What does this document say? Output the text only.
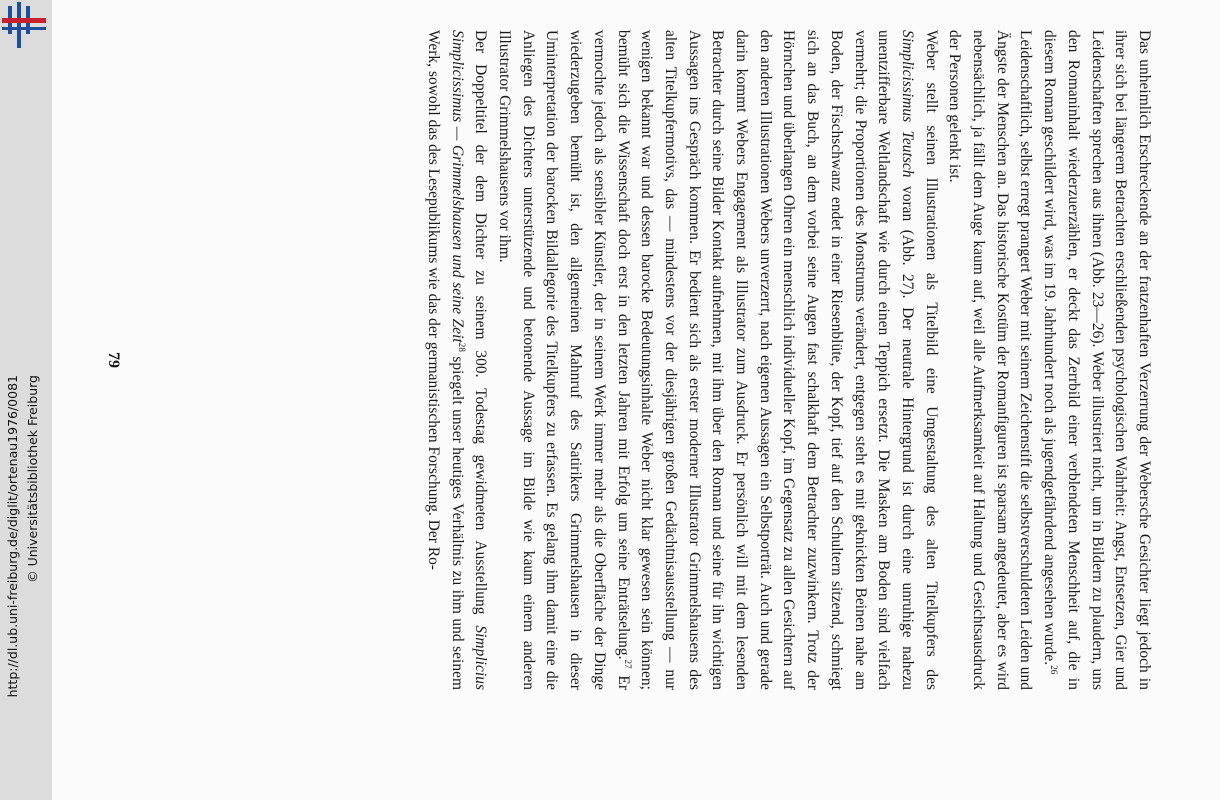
http://dl.ub.uni-freiburg.de/diglit/ortenau1976/0081 © Universitätsbibliothek Freiburg	Das unheimlich Erschreckende an der fratzenhaften Verzerrung der Webersche Gesichter liegt jedoch in ihrer sich bei längerem Betrachten erschließenden psychologischen Wahrheit: Angst, Entsetzen, Gier und Leidenschaften sprechen aus ihnen (Abb. 23—26). Weber illustriert nicht, um in Bildern zu plaudern, uns den Romaninhalt wiederzuerzählen, er deckt das Zerrbild einer verblendeten Menschheit auf, die in diesem Roman geschildert wird, was im 19. Jahrhundert noch als jugendgefährdend angesehen wurde.$^{26}$

Leidenschaftlich, selbst erregt prangert Weber mit seinem Zeichenstift die selbstverschuldeten Leiden und Ängste der Menschen an. Das historische Kostüm der Romanfiguren ist sparsam angedeutet, aber es wird nebensächlich, ja fällt dem Auge kaum auf, weil alle Aufmerksamkeit auf Haltung und Gesichtsausdruck der Personen gelenkt ist.

Weber stellt seinen Illustrationen als Titelbild eine Umgestaltung des alten Titelkupfers des Simplicissimus Teutsch voran (Abb. 27). Der neutrale Hintergrund ist durch eine unruhige nahezu unentzifferbare Weltlandschaft wie durch einen Teppich ersetzt. Die Masken am Boden sind vielfach vermehrt; die Proportionen des Monstrums verändert, entgegen steht es mit geknickten Beinen nahe am Boden, der Fischschwanz endet in einer Riesenblüte, der Kopf, tief auf den Schultern sitzend, schmiegt sich an das Buch, an dem vorbei seine Augen fast schalkhaft dem Betrachter zuzwinkern. Trotz der Hörnchen und überlangen Ohren ein menschlich individueller Kopf, im Gegensatz zu allen Gesichtern auf den anderen Illustrationen Webers unverzerrt, nach eigenen Aussagen ein Selbstporträt. Auch und gerade darin kommt Webers Engagement als Illustrator zum Ausdruck. Er persönlich will mit dem lesenden Betrachter durch seine Bilder Kontakt aufnehmen, mit ihm über den Roman und seine für ihn wichtigen Aussagen ins Gespräch kommen. Er bedient sich als erster moderner Illustrator Grimmelshausens des alten Titelkupfermotivs, das — mindestens vor der diesjährigen großen Gedächtnisausstellung — nur wenigen bekannt war und dessen barocke Bedeutungsinhalte Weber nicht klar gewesen sein können; bemüht sich die Wissenschaft doch erst in den letzten Jahren mit Erfolg um seine Enträtselung.$^{27}$ Er vermochte jedoch als sensibler Künstler, der in seinem Werk immer mehr als die Oberfläche der Dinge wiederzugeben bemüht ist, den allgemeinen Mahnruf des Satirikers Grimmelshausen in dieser Uminterpretation der barocken Bildallegorie des Titelkupfers zu erfassen. Es gelang ihm damit eine die Anliegen des Dichters unterstützende und betonende Aussage im Bilde wie kaum einem anderen Illustrator Grimmelshausens vor ihm.

Der Doppeltitel der dem Dichter zu seinem 300. Todestag gewidmeten Ausstellung Simplicius Simplicissimus — Grimmelshausen und seine Zeit$^{28}$ spiegelt unser heutiges Verhältnis zu ihm und seinem Werk, sowohl das des Lesepublikums wie das der germanistischen Forschung. Der Ro-

79
